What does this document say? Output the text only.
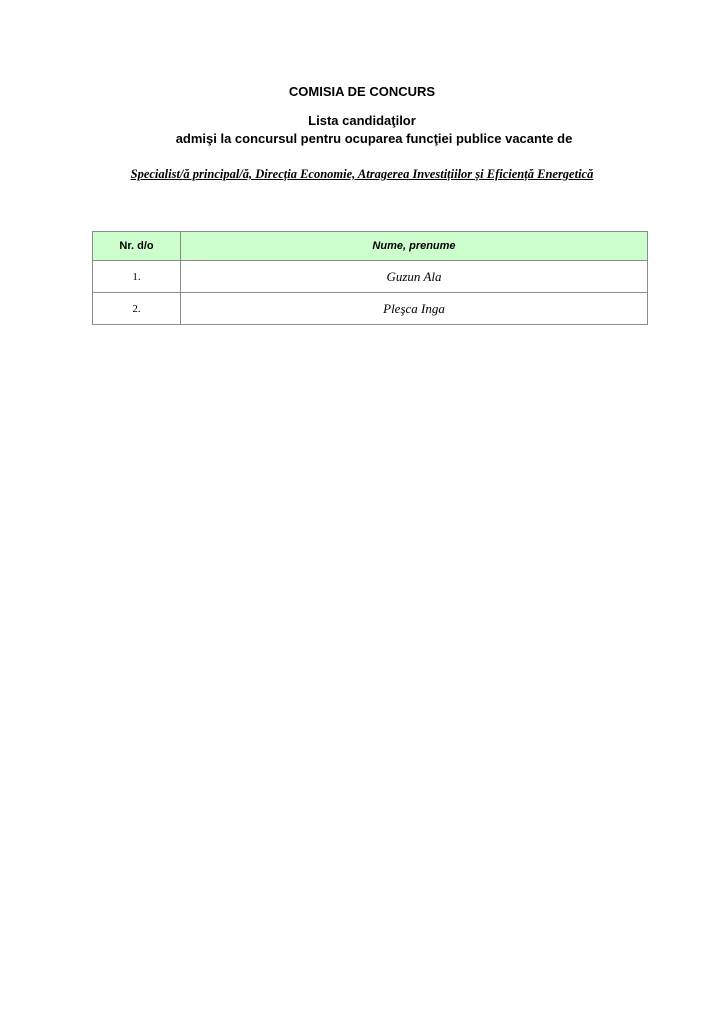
COMISIA DE CONCURS
Lista candidaţilor
admişi la concursul pentru ocuparea funcţiei publice vacante de
Specialist/ă principal/ă, Direcția Economie, Atragerea Investițiilor și Eficiență Energetică
Nr. d/o	Nume, prenume
1.	Guzun Ala
2.	Pleşca Inga
